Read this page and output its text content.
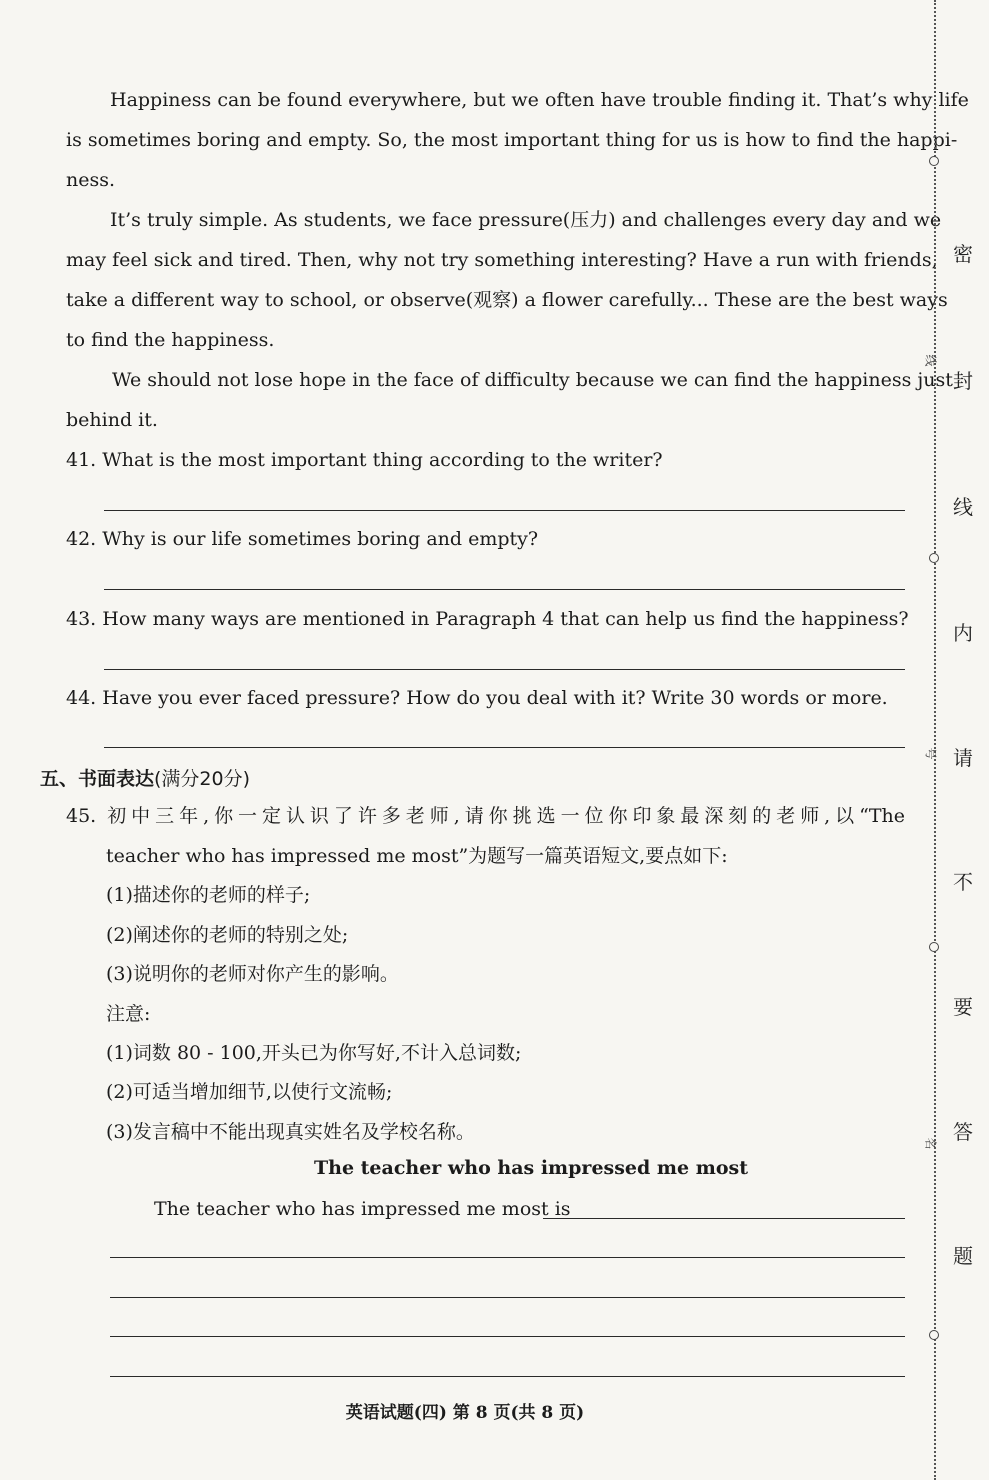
Happiness can be found everywhere, but we often have trouble finding it. That’s why life
is sometimes boring and empty. So, the most important thing for us is how to find the happi-
ness.
It’s truly simple. As students, we face pressure(压力) and challenges every day and we
may feel sick and tired. Then, why not try something interesting? Have a run with friends,
take a different way to school, or observe(观察) a flower carefully... These are the best ways
to find the happiness.
We should not lose hope in the face of difficulty because we can find the happiness just
behind it.
41. What is the most important thing according to the writer?
42. Why is our life sometimes boring and empty?
43. How many ways are mentioned in Paragraph 4 that can help us find the happiness?
44. Have you ever faced pressure? How do you deal with it? Write 30 words or more.
五、书面表达(满分20分)
45. 初中三年,你一定认识了许多老师,请你挑选一位你印象最深刻的老师,以“The
teacher who has impressed me most”为题写一篇英语短文,要点如下:
(1)描述你的老师的样子;
(2)阐述你的老师的特别之处;
(3)说明你的老师对你产生的影响。
注意:
(1)词数 80 - 100,开头已为你写好,不计入总词数;
(2)可适当增加细节,以使行文流畅;
(3)发言稿中不能出现真实姓名及学校名称。
The teacher who has impressed me most
The teacher who has impressed me most is
英语试题(四) 第 8 页(共 8 页)
线
号
名
密
封
线
内
请
不
要
答
题
